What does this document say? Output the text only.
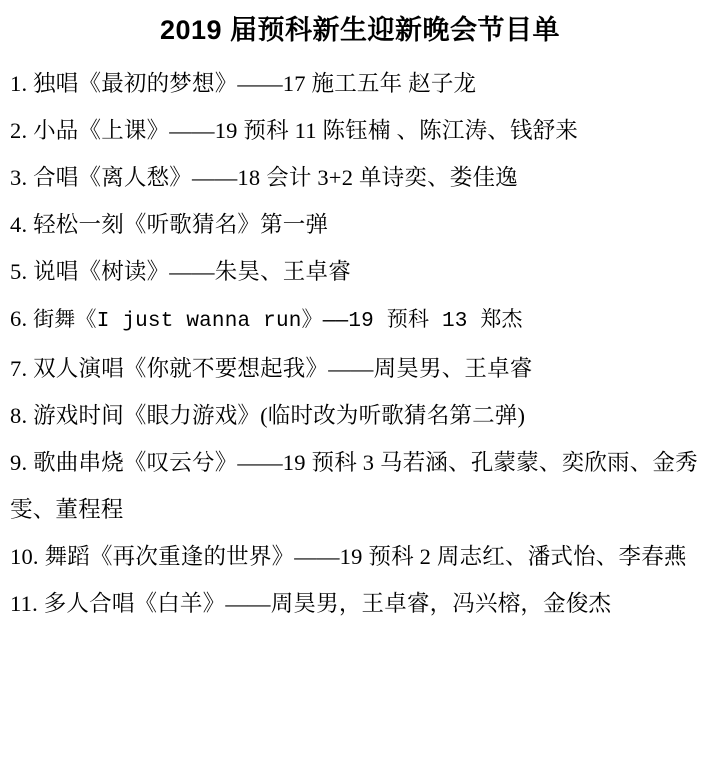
2019 届预科新生迎新晚会节目单
1. 独唱《最初的梦想》——17 施工五年 赵子龙
2. 小品《上课》——19 预科 11 陈钰楠 、陈江涛、钱舒来
3. 合唱《离人愁》——18 会计 3+2 单诗奕、娄佳逸
4. 轻松一刻《听歌猜名》第一弹
5. 说唱《树读》——朱昊、王卓睿
6. 街舞《I just wanna run》——19 预科 13 郑杰
7. 双人演唱《你就不要想起我》——周昊男、王卓睿
8. 游戏时间《眼力游戏》(临时改为听歌猜名第二弹)
9. 歌曲串烧《叹云兮》——19 预科 3 马若涵、孔蒙蒙、奕欣雨、金秀雯、董程程
10. 舞蹈《再次重逢的世界》——19 预科 2 周志红、潘式怡、李春燕
11. 多人合唱《白羊》——周昊男，王卓睿，冯兴榕，金俊杰
